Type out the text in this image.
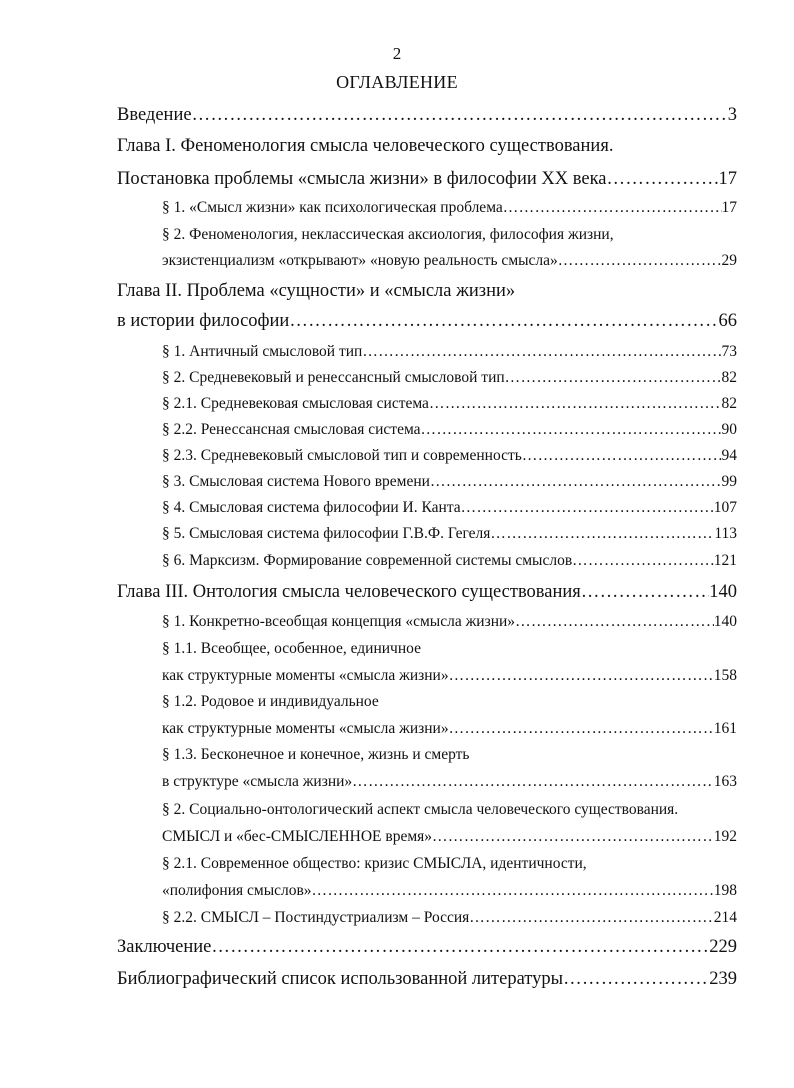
2
ОГЛАВЛЕНИЕ
Введение ………………………………………………………………………………………………………………………………………………………………………………………………………………………………………………………………………………………………	3
Глава I. Феноменология смысла человеческого существования.
Постановка проблемы «смысла жизни» в философии XX века ………………………………………………………………………………………………………………………………………………………………………………………………………………………………………………………………………………………………	17
§ 1. «Смысл жизни» как психологическая проблема ………………………………………………………………………………………………………………………………………………………………………………………………………………………………………………………………………………………………	17
§ 2. Феноменология, неклассическая аксиология, философия жизни,
экзистенциализм «открывают» «новую реальность смысла» ………………………………………………………………………………………………………………………………………………………………………………………………………………………………………………………………………………………………	29
Глава II. Проблема «сущности» и «смысла жизни»
в истории философии ………………………………………………………………………………………………………………………………………………………………………………………………………………………………………………………………………………………………	66
§ 1. Античный смысловой тип ………………………………………………………………………………………………………………………………………………………………………………………………………………………………………………………………………………………………	73
§ 2. Средневековый и ренессансный смысловой тип ………………………………………………………………………………………………………………………………………………………………………………………………………………………………………………………………………………………………	82
§ 2.1. Средневековая смысловая система ………………………………………………………………………………………………………………………………………………………………………………………………………………………………………………………………………………………………	82
§ 2.2. Ренессансная смысловая система ………………………………………………………………………………………………………………………………………………………………………………………………………………………………………………………………………………………………	90
§ 2.3. Средневековый смысловой тип и современность ………………………………………………………………………………………………………………………………………………………………………………………………………………………………………………………………………………………………	94
§ 3. Смысловая система Нового времени ………………………………………………………………………………………………………………………………………………………………………………………………………………………………………………………………………………………………	99
§ 4. Смысловая система философии И. Канта ………………………………………………………………………………………………………………………………………………………………………………………………………………………………………………………………………………………………	107
§ 5. Смысловая система философии Г.В.Ф. Гегеля ………………………………………………………………………………………………………………………………………………………………………………………………………………………………………………………………………………………………	113
§ 6. Марксизм. Формирование современной системы смыслов ………………………………………………………………………………………………………………………………………………………………………………………………………………………………………………………………………………………………	121
Глава III. Онтология смысла человеческого существования ………………………………………………………………………………………………………………………………………………………………………………………………………………………………………………………………………………………………	140
§ 1. Конкретно-всеобщая концепция «смысла жизни» ………………………………………………………………………………………………………………………………………………………………………………………………………………………………………………………………………………………………	140
§ 1.1. Всеобщее, особенное, единичное
как структурные моменты «смысла жизни» ………………………………………………………………………………………………………………………………………………………………………………………………………………………………………………………………………………………………	158
§ 1.2. Родовое и индивидуальное
как структурные моменты «смысла жизни» ………………………………………………………………………………………………………………………………………………………………………………………………………………………………………………………………………………………………	161
§ 1.3. Бесконечное и конечное, жизнь и смерть
в структуре «смысла жизни» ………………………………………………………………………………………………………………………………………………………………………………………………………………………………………………………………………………………………	163
§ 2. Социально-онтологический аспект смысла человеческого существования.
СМЫСЛ и «бес-СМЫСЛЕННОЕ время» ………………………………………………………………………………………………………………………………………………………………………………………………………………………………………………………………………………………………	192
§ 2.1. Современное общество: кризис СМЫСЛА, идентичности,
«полифония смыслов» ………………………………………………………………………………………………………………………………………………………………………………………………………………………………………………………………………………………………	198
§ 2.2. СМЫСЛ – Постиндустриализм – Россия ………………………………………………………………………………………………………………………………………………………………………………………………………………………………………………………………………………………………	214
Заключение ………………………………………………………………………………………………………………………………………………………………………………………………………………………………………………………………………………………………	229
Библиографический список использованной литературы ………………………………………………………………………………………………………………………………………………………………………………………………………………………………………………………………………………………………	239
